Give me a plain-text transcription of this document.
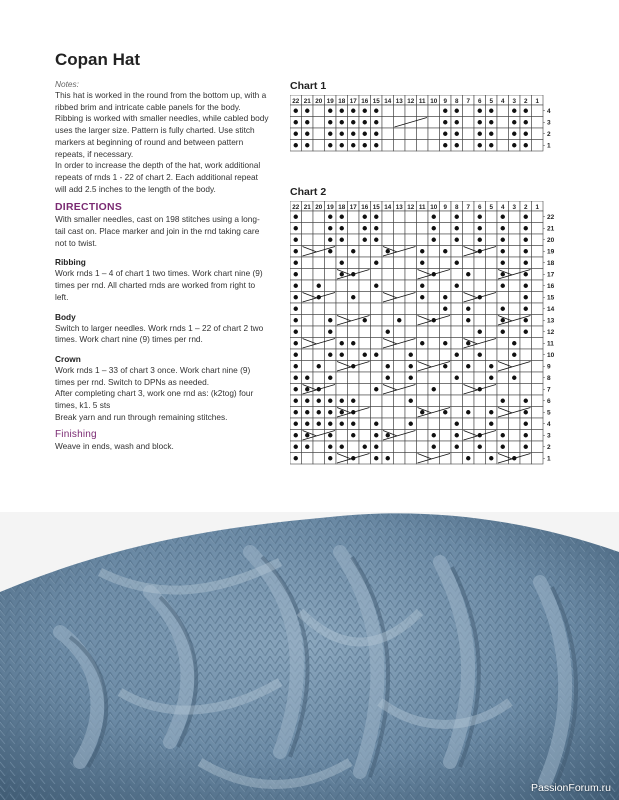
Copan Hat

Notes:

This hat is worked in the round from the bottom up, with a ribbed brim and intricate cable panels for the body. Ribbing is worked with smaller needles, while cabled body uses the larger size. Pattern is fully charted. Use stitch markers at beginning of round and between pattern repeats, if necessary.

In order to increase the depth of the hat, work additional repeats of rnds 1 - 22 of chart 2. Each additional repeat will add 2.5 inches to the length of the body.

DIRECTIONS

With smaller needles, cast on 198 stitches using a long-tail cast on. Place marker and join in the rnd taking care not to twist.

Ribbing

Work rnds 1 – 4 of chart 1 two times. Work chart nine (9) times per rnd. All charted rnds are worked from right to left.

Body

Switch to larger needles. Work rnds 1 – 22 of chart 2 two times. Work chart nine (9) times per rnd.

Crown

Work rnds 1 – 33 of chart 3 once. Work chart nine (9) times per rnd. Switch to DPNs as needed.

After completing chart 3, work one rnd as: (k2tog) four times, k1. 5 sts

Break yarn and run through remaining stitches.

Finishing

Weave in ends, wash and block.

Chart 1
22 21 20 19 18 17 16 15 14 13 12 11 10 9 8 7 6 5 4 3 2 1
4
3
2
1
Chart 2
22 21 20 19 18 17 16 15 14 13 12 11 10 9 8 7 6 5 4 3 2 1
22
21
20
19
18
17
16
15
14
13
12
11
10
9
8
7
6
5
4
3
2
1
PassionForum.ru
